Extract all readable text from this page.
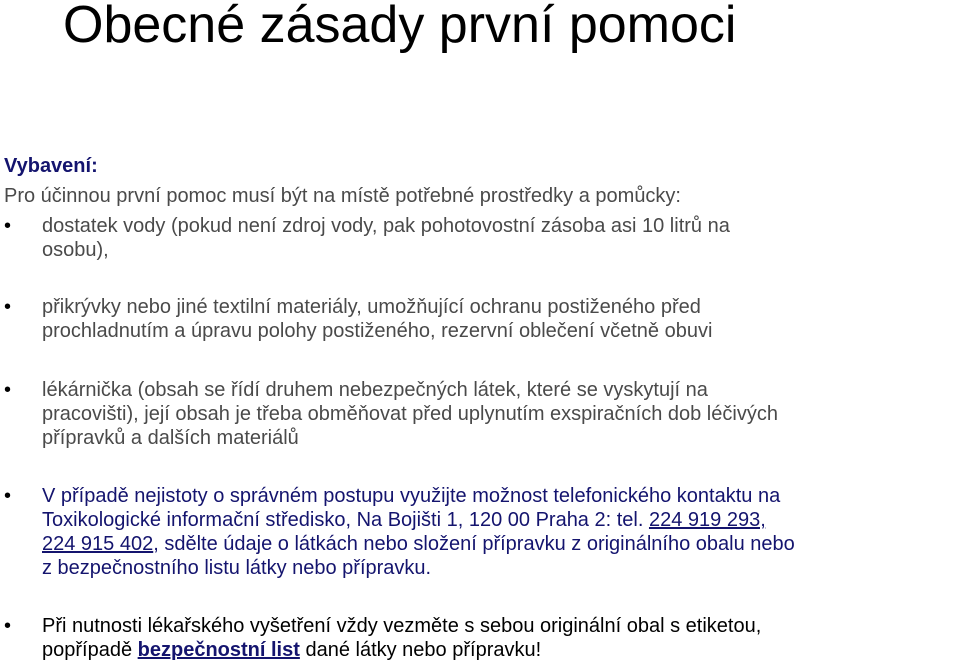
Obecné zásady první pomoci
Vybavení:

Pro účinnou první pomoc musí být na místě potřebné prostředky a pomůcky:

•	dostatek vody (pokud není zdroj vody, pak pohotovostní zásoba asi 10 litrů na
osobu),
•	přikrývky nebo jiné textilní materiály, umožňující ochranu postiženého před
prochladnutím a úpravu polohy postiženého, rezervní oblečení včetně obuvi
•	lékárnička (obsah se řídí druhem nebezpečných látek, které se vyskytují na
pracovišti), její obsah je třeba obměňovat před uplynutím exspiračních dob léčivých
přípravků a dalších materiálů
•	V případě nejistoty o správném postupu využijte možnost telefonického kontaktu na
Toxikologické informační středisko, Na Bojišti 1, 120 00 Praha 2: tel. 224 919 293,
224 915 402, sdělte údaje o látkách nebo složení přípravku z originálního obalu nebo
z bezpečnostního listu látky nebo přípravku.
•	Při nutnosti lékařského vyšetření vždy vezměte s sebou originální obal s etiketou,
popřípadě bezpečnostní list dané látky nebo přípravku!
